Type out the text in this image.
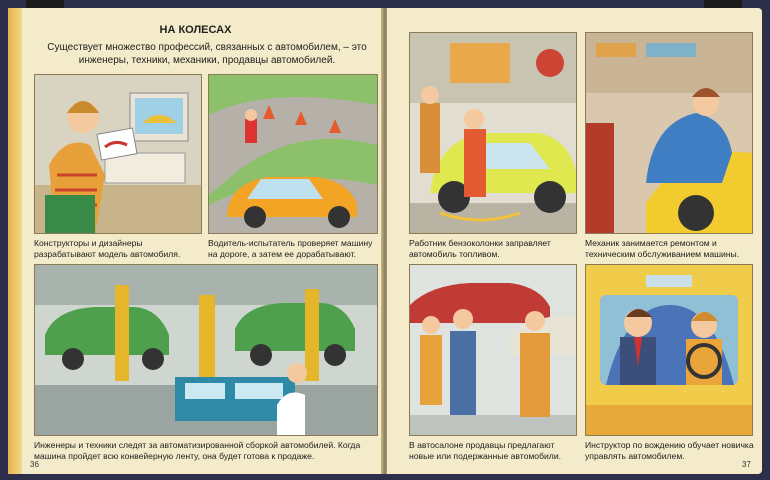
НА КОЛЕСАХ
Существует множество профессий, связанных с автомобилем, – это инженеры, техники, механики, продавцы автомобилей.
Конструкторы и дизайнеры разрабатывают модель автомобиля.
Водитель-испытатель проверяет машину на дороге, а затем ее дорабатывают.
Инженеры и техники следят за автоматизированной сборкой автомобилей. Когда машина пройдет всю конвейерную ленту, она будет готова к продаже.
36
Работник бензоколонки заправляет автомобиль топливом.
Механик занимается ремонтом и техническим обслуживанием машины.
В автосалоне продавцы предлагают новые или подержанные автомобили.
Инструктор по вождению обучает новичка управлять автомобилем.
37
